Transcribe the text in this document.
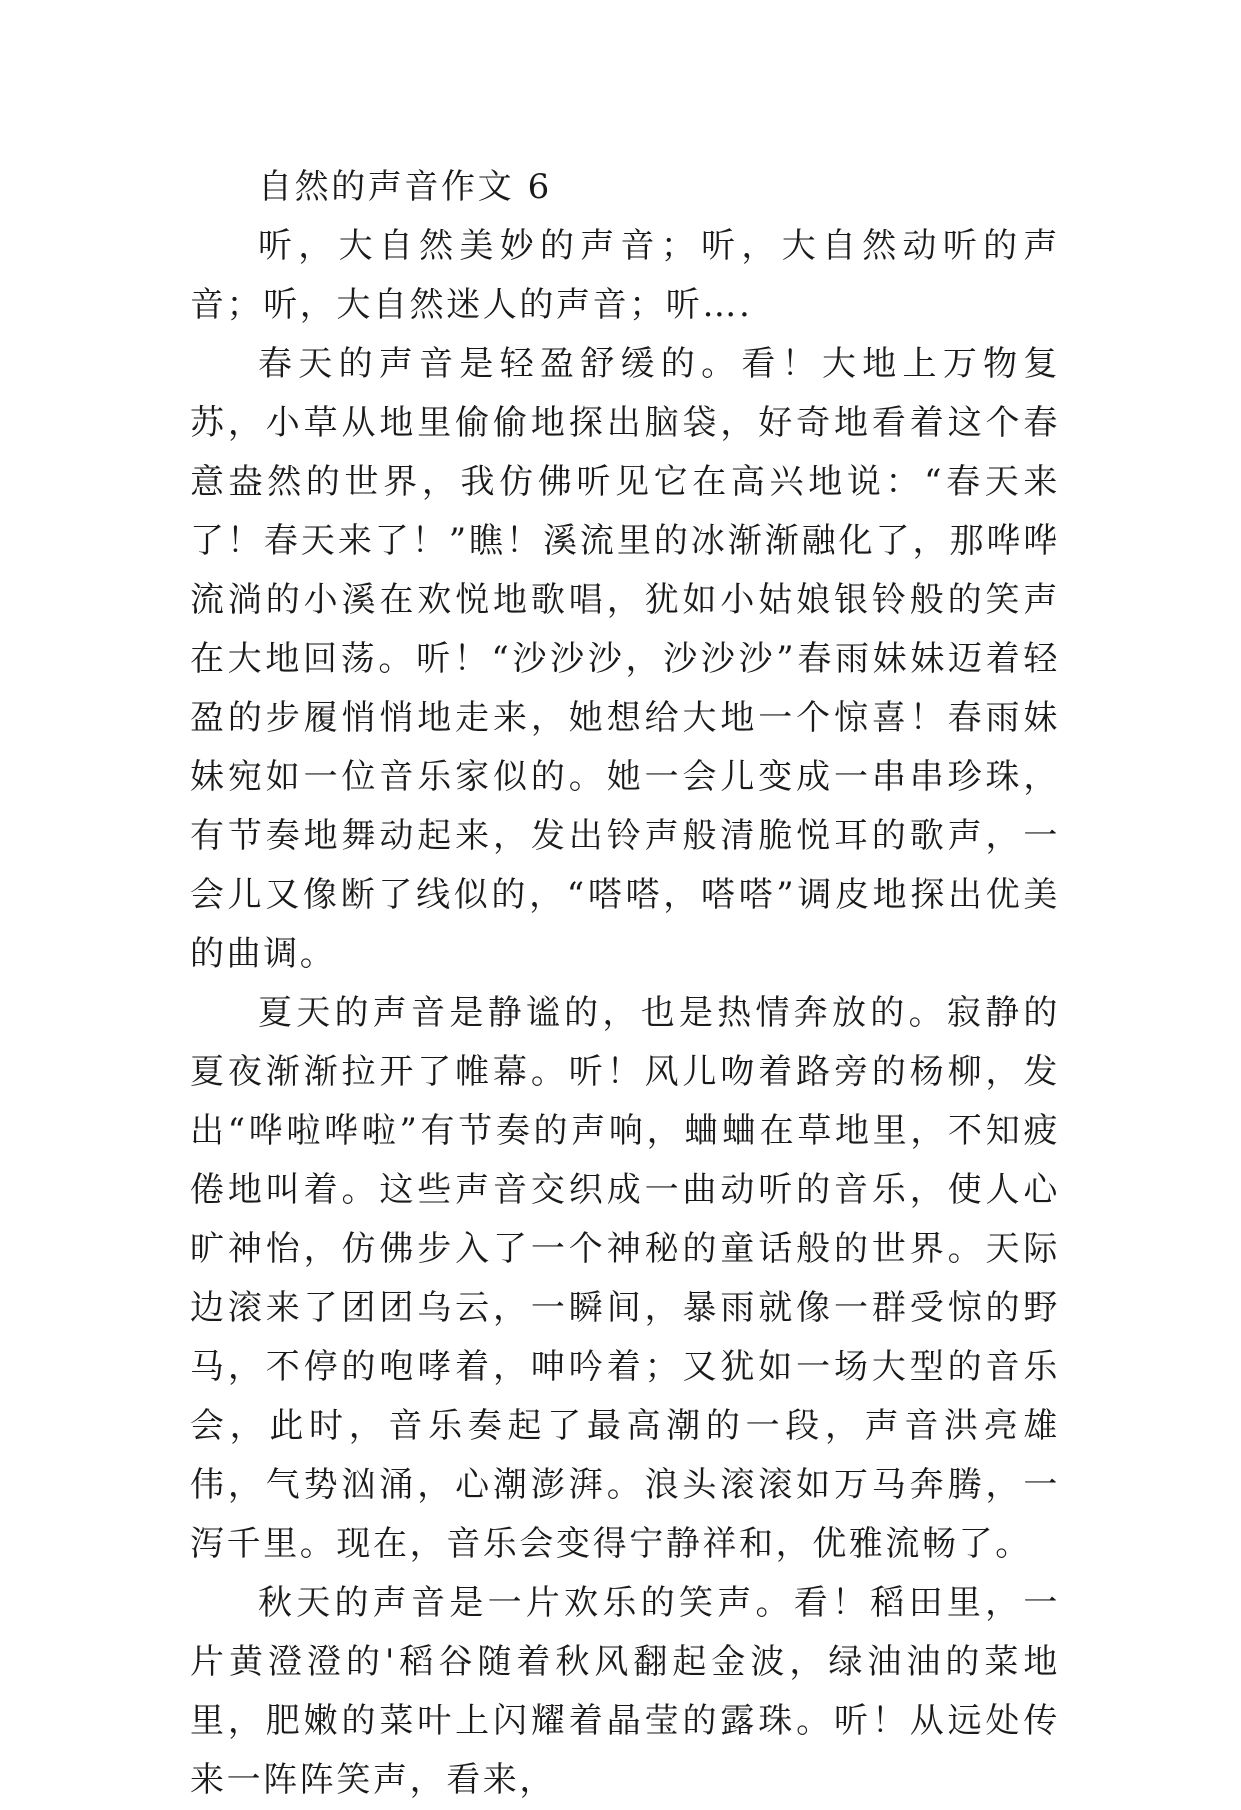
自然的声音作文 6

听，大自然美妙的声音；听，大自然动听的声音；听，大自然迷人的声音；听….

春天的声音是轻盈舒缓的。看！大地上万物复苏，小草从地里偷偷地探出脑袋，好奇地看着这个春意盎然的世界，我仿佛听见它在高兴地说：“春天来了！春天来了！”瞧！溪流里的冰渐渐融化了，那哗哗流淌的小溪在欢悦地歌唱，犹如小姑娘银铃般的笑声在大地回荡。听！“沙沙沙，沙沙沙”春雨妹妹迈着轻盈的步履悄悄地走来，她想给大地一个惊喜！春雨妹妹宛如一位音乐家似的。她一会儿变成一串串珍珠，有节奏地舞动起来，发出铃声般清脆悦耳的歌声，一会儿又像断了线似的，“嗒嗒，嗒嗒”调皮地探出优美的曲调。

夏天的声音是静谧的，也是热情奔放的。寂静的夏夜渐渐拉开了帷幕。听！风儿吻着路旁的杨柳，发出“哗啦哗啦”有节奏的声响，蛐蛐在草地里，不知疲倦地叫着。这些声音交织成一曲动听的音乐，使人心旷神怡，仿佛步入了一个神秘的童话般的世界。天际边滚来了团团乌云，一瞬间，暴雨就像一群受惊的野马，不停的咆哮着，呻吟着；又犹如一场大型的音乐会，此时，音乐奏起了最高潮的一段，声音洪亮雄伟，气势汹涌，心潮澎湃。浪头滚滚如万马奔腾，一泻千里。现在，音乐会变得宁静祥和，优雅流畅了。

秋天的声音是一片欢乐的笑声。看！稻田里，一片黄澄澄的'稻谷随着秋风翻起金波，绿油油的菜地里，肥嫩的菜叶上闪耀着晶莹的露珠。听！从远处传来一阵阵笑声，看来，
